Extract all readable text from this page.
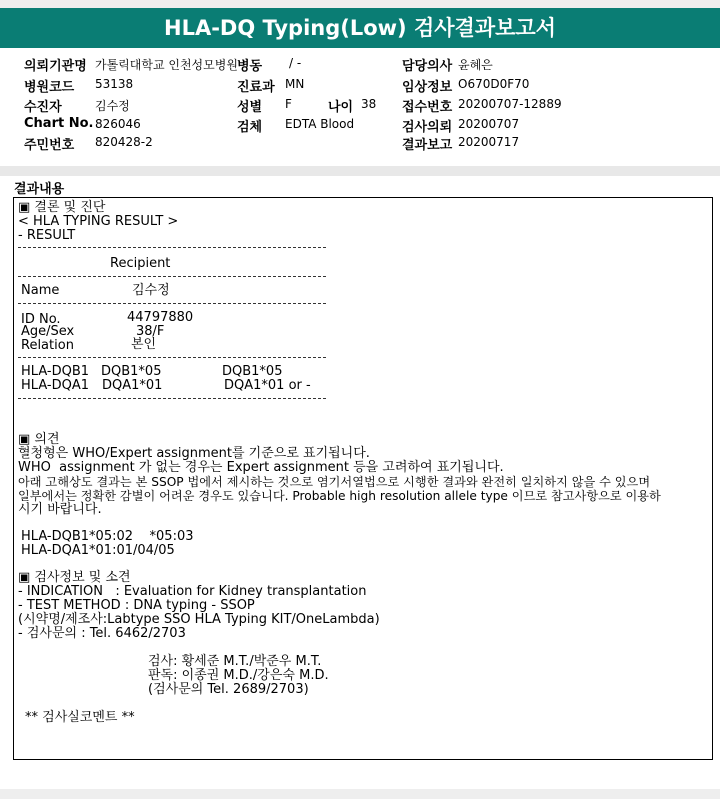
HLA-DQ Typing(Low) 검사결과보고서
의뢰기관명 가톨릭대학교 인천성모병원
병원코드 53138
수진자	김수정
Chart No. 826046
주민번호 820428-2
병동 / -
진료과 MN
성별 F	나이 38
검체 EDTA Blood
담당의사 윤혜은
임상정보 O670D0F70
접수번호 20200707-12889
검사의뢰 20200707
결과보고 20200717
결과내용
▣ 결론 및 진단
< HLA TYPING RESULT >
- RESULT
Recipient
Name	김수정
ID No.	44797880
Age/Sex	38/F
Relation	본인
HLA-DQB1 DQB1*05	DQB1*05
HLA-DQA1 DQA1*01	DQA1*01 or -
▣ 의견
혈청형은 WHO/Expert assignment를 기준으로 표기됩니다.
WHO  assignment 가 없는 경우는 Expert assignment 등을 고려하여 표기됩니다.
아래 고해상도 결과는 본 SSOP 법에서 제시하는 것으로 염기서열법으로 시행한 결과와 완전히 일치하지 않을 수 있으며
일부에서는 정확한 감별이 어려운 경우도 있습니다. Probable high resolution allele type 이므로 참고사항으로 이용하
시기 바랍니다.
HLA-DQB1*05:02    *05:03
HLA-DQA1*01:01/04/05
▣ 검사정보 및 소견
- INDICATION   : Evaluation for Kidney transplantation
- TEST METHOD : DNA typing - SSOP
(시약명/제조사:Labtype SSO HLA Typing KIT/OneLambda)
- 검사문의 : Tel. 6462/2703
검사: 황세준 M.T./박준우 M.T.
판독: 이종권 M.D./강은숙 M.D.
(검사문의 Tel. 2689/2703)
** 검사실코멘트 **
